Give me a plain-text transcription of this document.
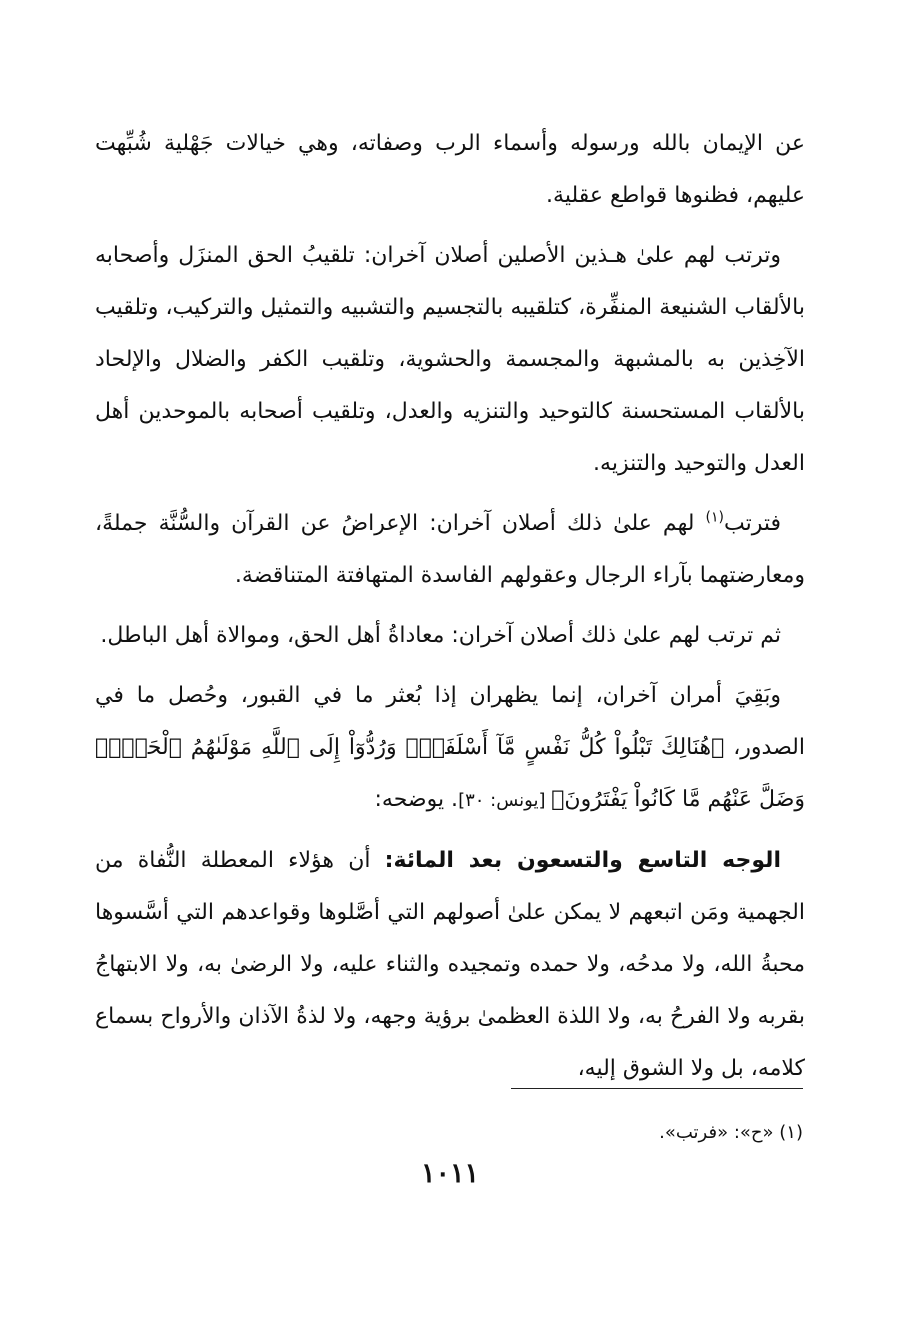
عن الإيمان بالله ورسوله وأسماء الرب وصفاته، وهي خيالات جَهْلية شُبِّهت عليهم، فظنوها قواطع عقلية.

وترتب لهم علىٰ هـذين الأصلين أصلان آخران: تلقيبُ الحق المنزَل وأصحابه بالألقاب الشنيعة المنفِّرة، كتلقيبه بالتجسيم والتشبيه والتمثيل والتركيب، وتلقيب الآخِذين به بالمشبهة والمجسمة والحشوية، وتلقيب الكفر والضلال والإلحاد بالألقاب المستحسنة كالتوحيد والتنزيه والعدل، وتلقيب أصحابه بالموحدين أهل العدل والتوحيد والتنزيه.

فترتب$^{(١)}$ لهم علىٰ ذلك أصلان آخران: الإعراضُ عن القرآن والسُّنَّة جملةً، ومعارضتهما بآراء الرجال وعقولهم الفاسدة المتهافتة المتناقضة.

ثم ترتب لهم علىٰ ذلك أصلان آخران: معاداةُ أهل الحق، وموالاة أهل الباطل.

وبَقِيَ أمران آخران، إنما يظهران إذا بُعثر ما في القبور، وحُصل ما في الصدور، ﴿هُنَالِكَ تَبْلُواْ كُلُّ نَفْسٍ مَّآ أَسْلَفَتْۚ وَرُدُّوٓاْ إِلَى ٱللَّهِ مَوْلَىٰهُمُ ٱلْحَقِّۖ وَضَلَّ عَنْهُم مَّا كَانُواْ يَفْتَرُونَ﴾ [يونس: ٣٠]. يوضحه:

الوجه التاسع والتسعون بعد المائة: أن هؤلاء المعطلة النُّفاة من الجهمية ومَن اتبعهم لا يمكن علىٰ أصولهم التي أصَّلوها وقواعدهم التي أسَّسوها محبةُ الله، ولا مدحُه، ولا حمده وتمجيده والثناء عليه، ولا الرضىٰ به، ولا الابتهاجُ بقربه ولا الفرحُ به، ولا اللذة العظمىٰ برؤية وجهه، ولا لذةُ الآذان والأرواح بسماع كلامه، بل ولا الشوق إليه،

(١) «ح»: «فرتب».
١٠١١
